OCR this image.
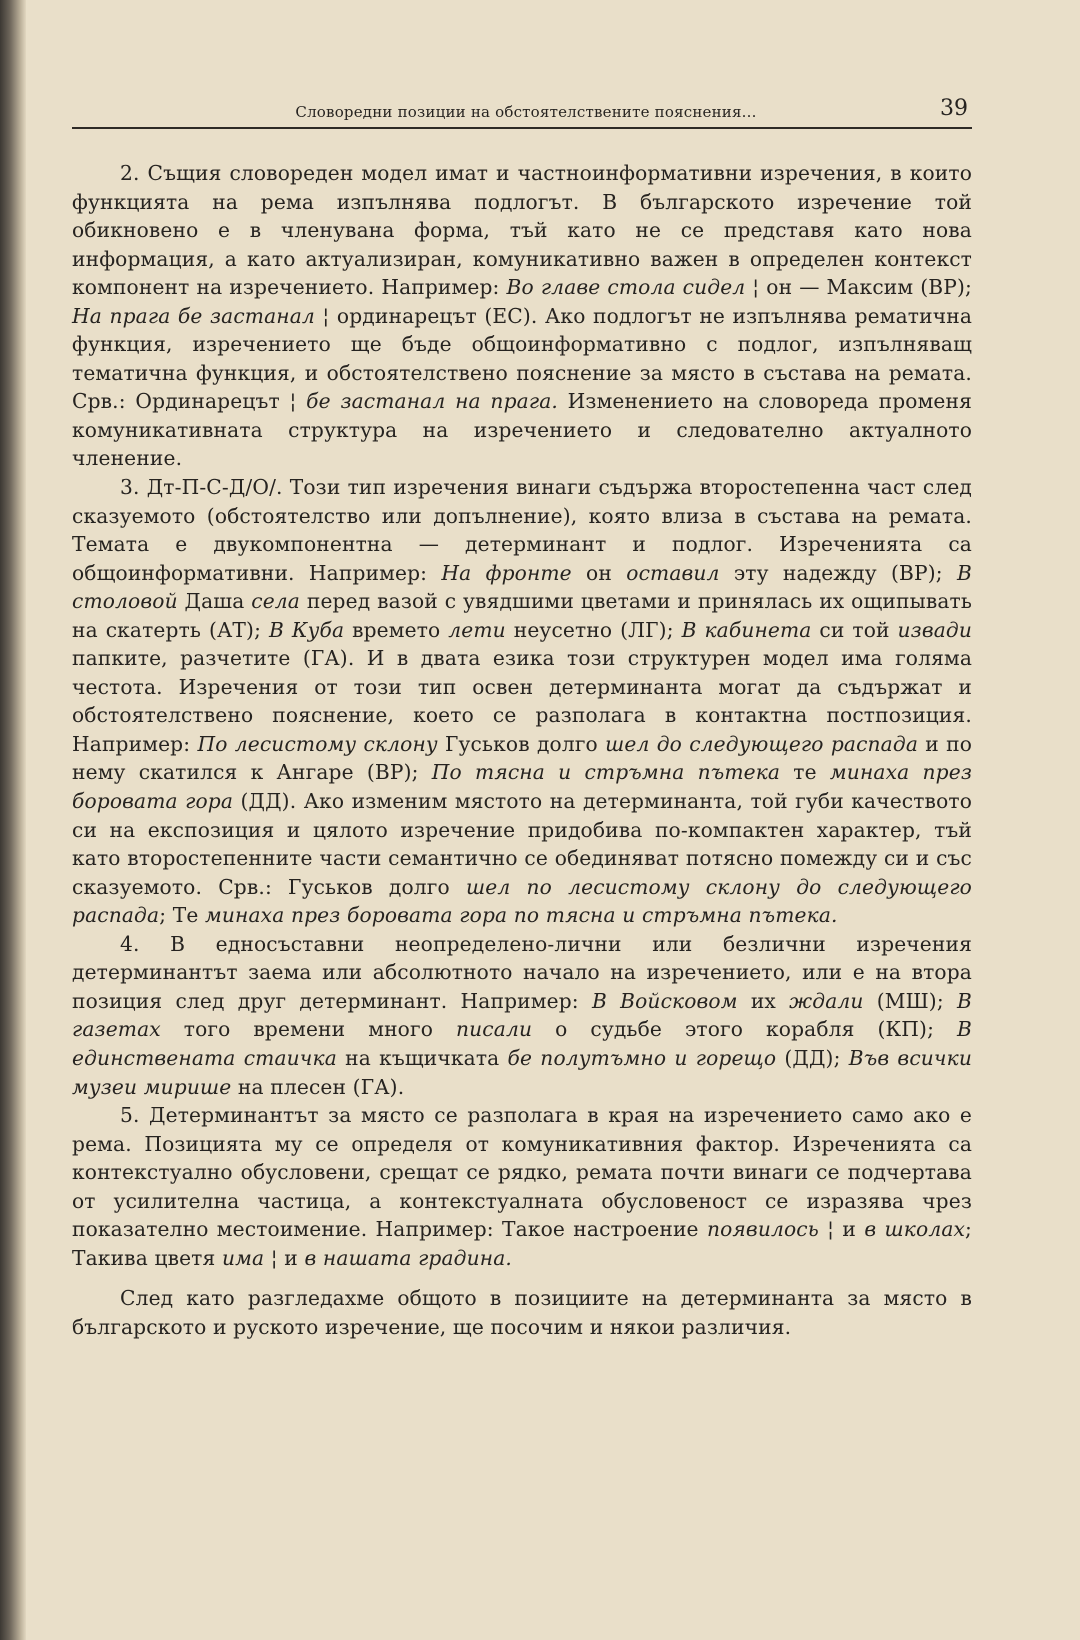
Словоредни позиции на обстоятелствените пояснения...	39

2. Същия словореден модел имат и частноинформативни изречения, в които функцията на рема изпълнява подлогът. В българското изречение той обикновено е в членувана форма, тъй като не се представя като нова информация, а като актуализиран, комуникативно важен в определен контекст компонент на изречението. Например: Во главе стола сидел ¦ он — Максим (ВР); На прага бе застанал ¦ ординарецът (ЕС). Ако подлогът не изпълнява рематична функция, изречението ще бъде общоинформативно с подлог, изпълняващ тематична функция, и обстоятелствено пояснение за място в състава на ремата. Срв.: Ординарецът ¦ бе застанал на прага. Изменението на словореда променя комуникативната структура на изречението и следователно актуалното членение.

3. Дт-П-С-Д/О/. Този тип изречения винаги съдържа второстепенна част след сказуемото (обстоятелство или допълнение), която влиза в състава на ремата. Темата е двукомпонентна — детерминант и подлог. Изреченията са общоинформативни. Например: На фронте он оставил эту надежду (ВР); В столовой Даша села перед вазой с увядшими цветами и принялась их ощипывать на скатерть (АТ); В Куба времето лети неусетно (ЛГ); В кабинета си той извади папките, разчетите (ГА). И в двата езика този структурен модел има голяма честота. Изречения от този тип освен детерминанта могат да съдържат и обстоятелствено пояснение, което се разполага в контактна постпозиция. Например: По лесистому склону Гуськов долго шел до следующего распада и по нему скатился к Ангаре (ВР); По тясна и стръмна пътека те минаха през боровата гора (ДД). Ако изменим мястото на детерминанта, той губи качеството си на експозиция и цялото изречение придобива по-компактен характер, тъй като второстепенните части семантично се обединяват потясно помежду си и със сказуемото. Срв.: Гуськов долго шел по лесистому склону до следующего распада; Те минаха през боровата гора по тясна и стръмна пътека.

4. В едносъставни неопределено-лични или безлични изречения детерминантът заема или абсолютното начало на изречението, или е на втора позиция след друг детерминант. Например: В Войсковом их ждали (МШ); В газетах того времени много писали о судьбе этого корабля (КП); В единствената стаичка на къщичката бе полутъмно и горещо (ДД); Във всички музеи мирише на плесен (ГА).

5. Детерминантът за място се разполага в края на изречението само ако е рема. Позицията му се определя от комуникативния фактор. Изреченията са контекстуално обусловени, срещат се рядко, ремата почти винаги се подчертава от усилителна частица, а контекстуалната обусловеност се изразява чрез показателно местоимение. Например: Такое настроение появилось ¦ и в школах; Такива цветя има ¦ и в нашата градина.

След като разгледахме общото в позициите на детерминанта за място в българското и руското изречение, ще посочим и някои различия.
